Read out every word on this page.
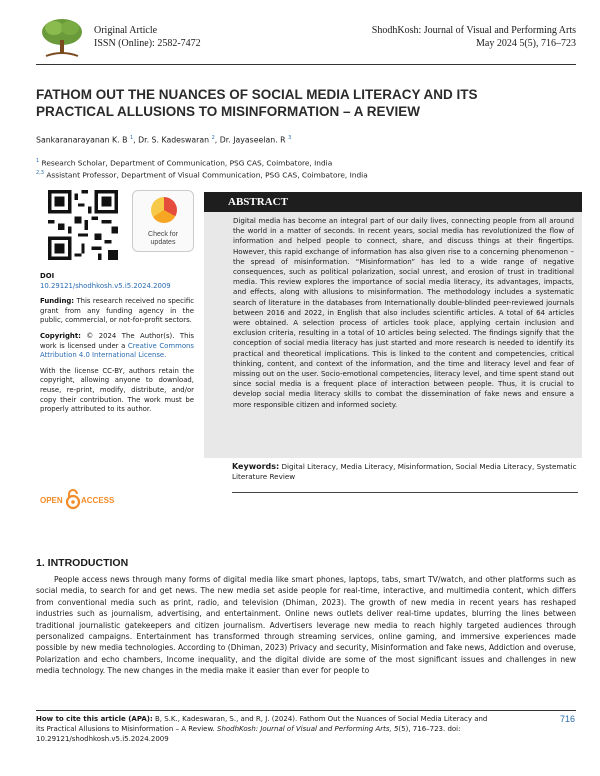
Original Article
ISSN (Online): 2582-7472
ShodhKosh: Journal of Visual and Performing Arts
May 2024 5(5), 716–723
FATHOM OUT THE NUANCES OF SOCIAL MEDIA LITERACY AND ITS PRACTICAL ALLUSIONS TO MISINFORMATION – A REVIEW
Sankaranarayanan K. B $^1$, Dr. S. Kadeswaran $^2$, Dr. Jayaseelan. R $^3$
$^1$ Research Scholar, Department of Communication, PSG CAS, Coimbatore, India
$^{2,3}$ Assistant Professor, Department of Visual Communication, PSG CAS, Coimbatore, India
Check for
updates

DOI
10.29121/shodhkosh.v5.i5.2024.2009

Funding: This research received no specific grant from any funding agency in the public, commercial, or not-for-profit sectors.

Copyright: © 2024 The Author(s). This work is licensed under a Creative Commons Attribution 4.0 International License.

With the license CC-BY, authors retain the copyright, allowing anyone to download, reuse, re-print, modify, distribute, and/or copy their contribution. The work must be properly attributed to its author.

OPEN ACCESS
ABSTRACT
Digital media has become an integral part of our daily lives, connecting people from all around the world in a matter of seconds. In recent years, social media has revolutionized the flow of information and helped people to connect, share, and discuss things at their fingertips. However, this rapid exchange of information has also given rise to a concerning phenomenon – the spread of misinformation. “Misinformation” has led to a wide range of negative consequences, such as political polarization, social unrest, and erosion of trust in traditional media. This review explores the importance of social media literacy, its advantages, impacts, and effects, along with allusions to misinformation. The methodology includes a systematic search of literature in the databases from Internationally double-blinded peer-reviewed journals between 2016 and 2022, in English that also includes scientific articles. A total of 64 articles were obtained. A selection process of articles took place, applying certain inclusion and exclusion criteria, resulting in a total of 10 articles being selected. The findings signify that the conception of social media literacy has just started and more research is needed to identify its practical and theoretical implications. This is linked to the content and competencies, critical thinking, content, and context of the information, and the time and literacy level and fear of missing out on the user. Socio-emotional competencies, literacy level, and time spent stand out since social media is a frequent place of interaction between people. Thus, it is crucial to develop social media literacy skills to combat the dissemination of fake news and ensure a more responsible citizen and informed society.
Keywords: Digital Literacy, Media Literacy, Misinformation, Social Media Literacy, Systematic Literature Review
1. INTRODUCTION
People access news through many forms of digital media like smart phones, laptops, tabs, smart TV/watch, and other platforms such as social media, to search for and get news. The new media set aside people for real-time, interactive, and multimedia content, which differs from conventional media such as print, radio, and television (Dhiman, 2023). The growth of new media in recent years has reshaped industries such as journalism, advertising, and entertainment. Online news outlets deliver real-time updates, blurring the lines between traditional journalistic gatekeepers and citizen journalism. Advertisers leverage new media to reach highly targeted audiences through personalized campaigns. Entertainment has transformed through streaming services, online gaming, and immersive experiences made possible by new media technologies. According to (Dhiman, 2023) Privacy and security, Misinformation and fake news, Addiction and overuse, Polarization and echo chambers, Income inequality, and the digital divide are some of the most significant issues and challenges in new media technology. The new changes in the media make it easier than ever for people to
How to cite this article (APA): B, S.K., Kadeswaran, S., and R, J. (2024). Fathom Out the Nuances of Social Media Literacy and its Practical Allusions to Misinformation – A Review. ShodhKosh: Journal of Visual and Performing Arts, 5(5), 716–723. doi: 10.29121/shodhkosh.v5.i5.2024.2009
716
